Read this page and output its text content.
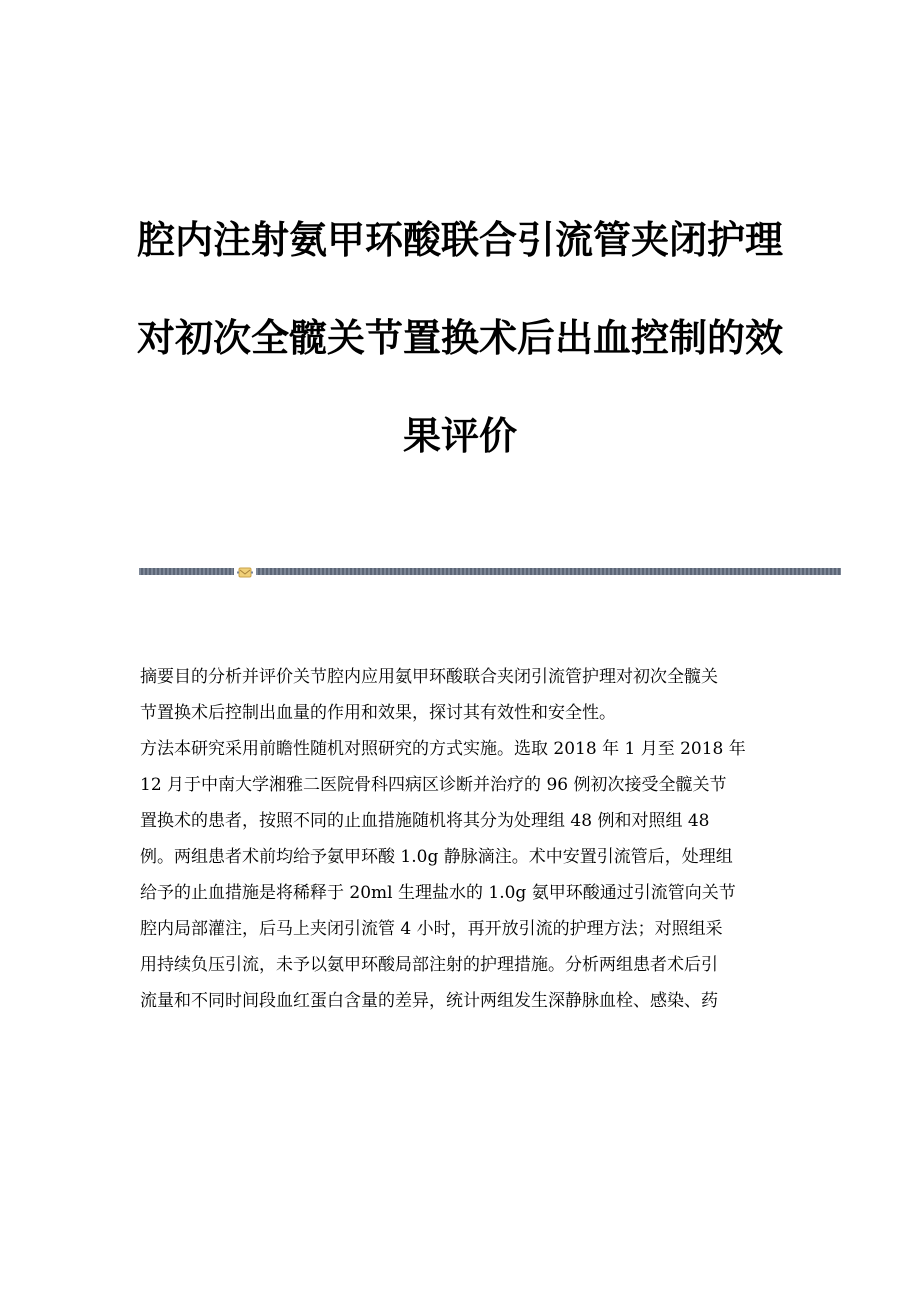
腔内注射氨甲环酸联合引流管夹闭护理
对初次全髋关节置换术后出血控制的效
果评价
摘要目的分析并评价关节腔内应用氨甲环酸联合夹闭引流管护理对初次全髋关
节置换术后控制出血量的作用和效果，探讨其有效性和安全性。
方法本研究采用前瞻性随机对照研究的方式实施。选取 2018 年 1 月至 2018 年
12 月于中南大学湘雅二医院骨科四病区诊断并治疗的 96 例初次接受全髋关节
置换术的患者，按照不同的止血措施随机将其分为处理组 48 例和对照组 48
例。两组患者术前均给予氨甲环酸 1.0g 静脉滴注。术中安置引流管后，处理组
给予的止血措施是将稀释于 20ml 生理盐水的 1.0g 氨甲环酸通过引流管向关节
腔内局部灌注，后马上夹闭引流管 4 小时，再开放引流的护理方法；对照组采
用持续负压引流，未予以氨甲环酸局部注射的护理措施。分析两组患者术后引
流量和不同时间段血红蛋白含量的差异，统计两组发生深静脉血栓、感染、药
